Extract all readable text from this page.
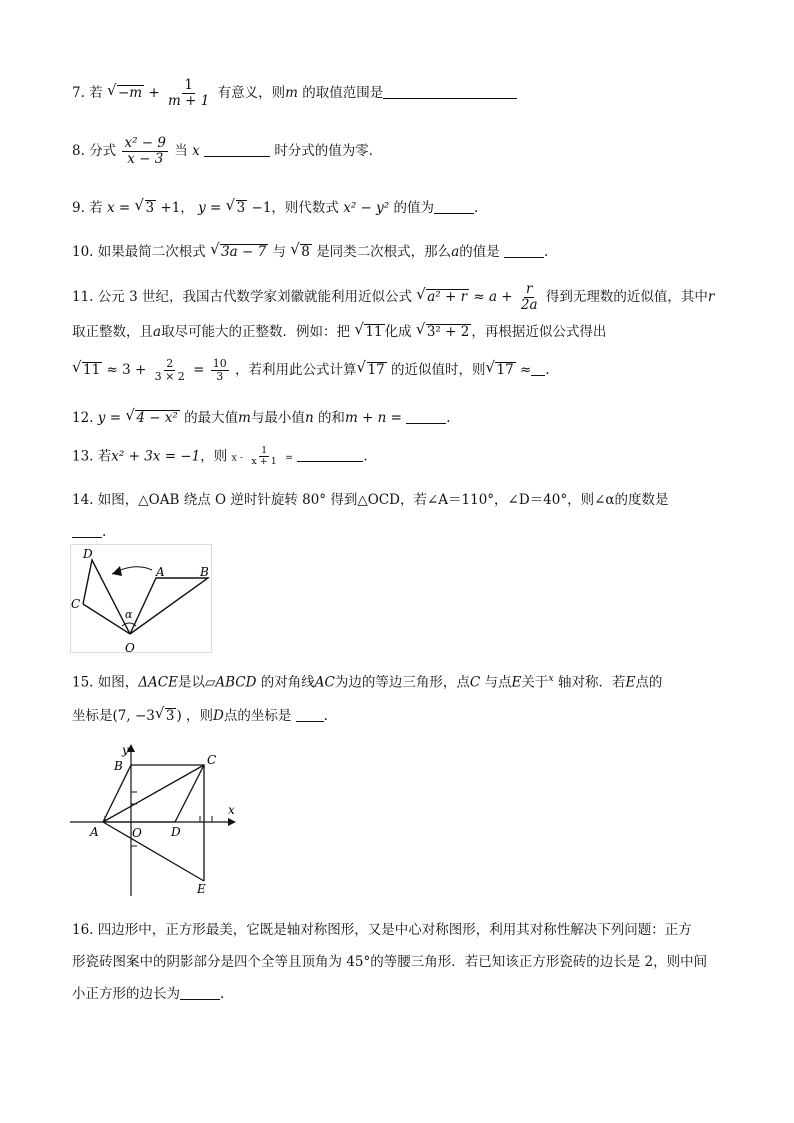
7. 若 √ $-m + \frac{1}{m + 1}$ 有意义，则m 的取值范围是
8. 分式 $\frac{\text{x² − 9}}{x - 3}$ 当 x	时分式的值为零．
9. 若 x = √ 3 +1， y = √ 3 −1，则代数式 x² − y² 的值为	.
10. 如果最简二次根式 √ 3a − 7 与 √ 8 是同类二次根式，那么a的值是	.
11. 公元 3 世纪，我国古代数学家刘徽就能利用近似公式 √ $a^2 + r \approx a + \frac{r}{2a}$ 得到无理数的近似值，其中r
取正整数，且a取尽可能大的正整数．例如：把 √ 11 化成 √ 3² + 2 ，再根据近似公式得出
√ $11 \approx 3 + \frac{2}{3 \times 2} = \frac{10}{3}$ ，若利用此公式计算 √ 17 的近似值时，则 √ 17 ≈ .
12. y = √ 4 − x² 的最大值m与最小值n 的和m + n =	.
13. 若x² + 3x = −1，则 x - $\frac{1}{x + 1}$ =	.
14. 如图，△OAB 绕点 O 逆时针旋转 80° 得到△OCD，若∠A＝110°，∠D＝40°，则∠α的度数是
.
D
A	B
C
α
O
15. 如图，ΔACE是以▱ABCD 的对角线AC为边的等边三角形，点C 与点E关于$^x$ 轴对称．若E点的
坐标是(7, −3 √ 3 ) ，则D点的坐标是 .
y
x
B	C
A	O D
E
16. 四边形中，正方形最美，它既是轴对称图形，又是中心对称图形，利用其对称性解决下列问题：正方
形瓷砖图案中的阴影部分是四个全等且顶角为 45°的等腰三角形．若已知该正方形瓷砖的边长是 2，则中间
小正方形的边长为	.
